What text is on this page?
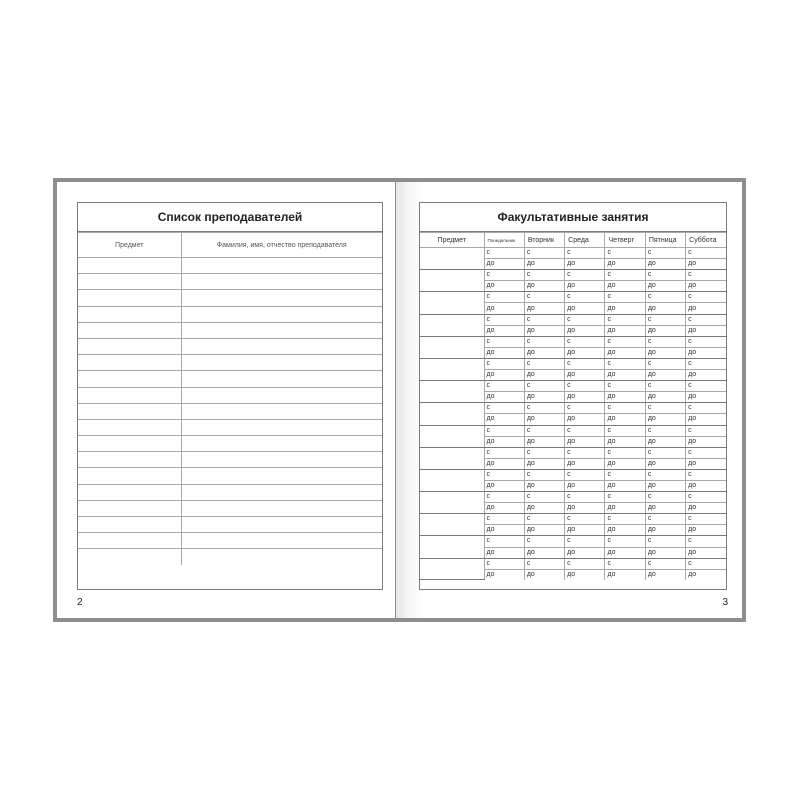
Список преподавателей
Предмет	Фамилия, имя, отчество преподавателя

2
Факультативные занятия
Предмет	Понедельник	Вторник	Среда	Четверг	Пятница	Суббота
	с	с	с	с	с	с
	до	до	до	до	до	до
	с	с	с	с	с	с
	до	до	до	до	до	до
	с	с	с	с	с	с
	до	до	до	до	до	до
	с	с	с	с	с	с
	до	до	до	до	до	до
	с	с	с	с	с	с
	до	до	до	до	до	до
	с	с	с	с	с	с
	до	до	до	до	до	до
	с	с	с	с	с	с
	до	до	до	до	до	до
	с	с	с	с	с	с
	до	до	до	до	до	до
	с	с	с	с	с	с
	до	до	до	до	до	до
	с	с	с	с	с	с
	до	до	до	до	до	до
	с	с	с	с	с	с
	до	до	до	до	до	до
	с	с	с	с	с	с
	до	до	до	до	до	до
	с	с	с	с	с	с
	до	до	до	до	до	до
	с	с	с	с	с	с
	до	до	до	до	до	до
	с	с	с	с	с	с
	до	до	до	до	до	до
3
